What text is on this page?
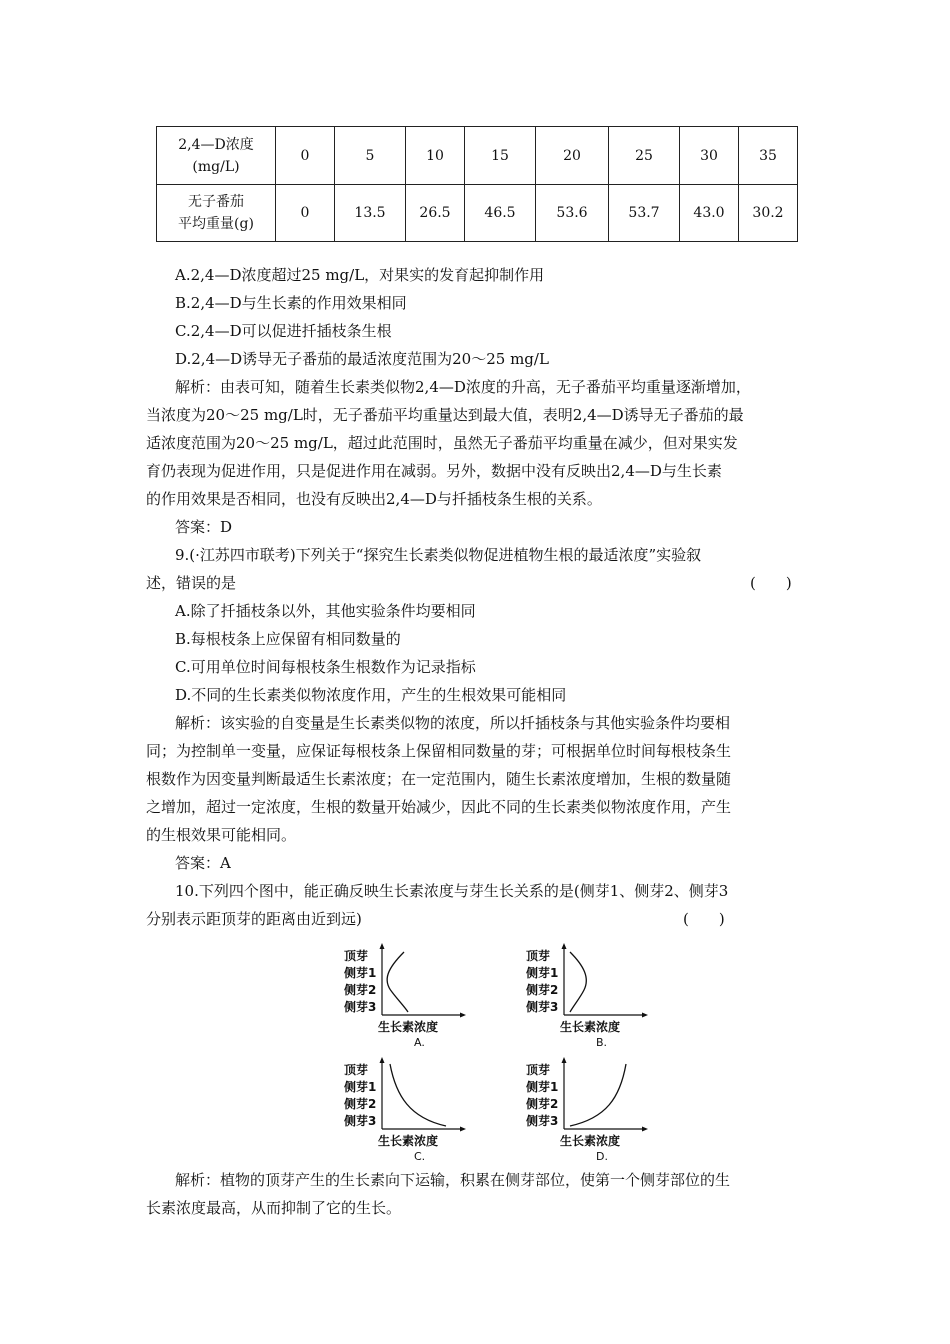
2,4—D浓度
(mg/L)	0	5	10	15	20	25	30	35

无子番茄
平均重量(g)	0	13.5	26.5	46.5	53.6	53.7	43.0	30.2
A.2,4—D浓度超过25 mg/L，对果实的发育起抑制作用
B.2,4—D与生长素的作用效果相同
C.2,4—D可以促进扦插枝条生根
D.2,4—D诱导无子番茄的最适浓度范围为20～25 mg/L
解析：由表可知，随着生长素类似物2,4—D浓度的升高，无子番茄平均重量逐渐增加，
当浓度为20～25 mg/L时，无子番茄平均重量达到最大值，表明2,4—D诱导无子番茄的最
适浓度范围为20～25 mg/L，超过此范围时，虽然无子番茄平均重量在减少，但对果实发
育仍表现为促进作用，只是促进作用在减弱。另外，数据中没有反映出2,4—D与生长素
的作用效果是否相同，也没有反映出2,4—D与扦插枝条生根的关系。
答案：D
9.(·江苏四市联考)下列关于“探究生长素类似物促进植物生根的最适浓度”实验叙
述，错误的是	(　　)
A.除了扦插枝条以外，其他实验条件均要相同
B.每根枝条上应保留有相同数量的
C.可用单位时间每根枝条生根数作为记录指标
D.不同的生长素类似物浓度作用，产生的生根效果可能相同
解析：该实验的自变量是生长素类似物的浓度，所以扦插枝条与其他实验条件均要相
同；为控制单一变量，应保证每根枝条上保留相同数量的芽；可根据单位时间每根枝条生
根数作为因变量判断最适生长素浓度；在一定范围内，随生长素浓度增加，生根的数量随
之增加，超过一定浓度，生根的数量开始减少，因此不同的生长素类似物浓度作用，产生
的生根效果可能相同。
答案：A
10.下列四个图中，能正确反映生长素浓度与芽生长关系的是(侧芽1、侧芽2、侧芽3
分别表示距顶芽的距离由近到远)	(　　)
顶芽
侧芽1
侧芽2
侧芽3
生长素浓度
A.
顶芽
侧芽1
侧芽2
侧芽3
生长素浓度
B.
顶芽
侧芽1
侧芽2
侧芽3
生长素浓度
C.
顶芽
侧芽1
侧芽2
侧芽3
生长素浓度
D.
解析：植物的顶芽产生的生长素向下运输，积累在侧芽部位，使第一个侧芽部位的生
长素浓度最高，从而抑制了它的生长。
